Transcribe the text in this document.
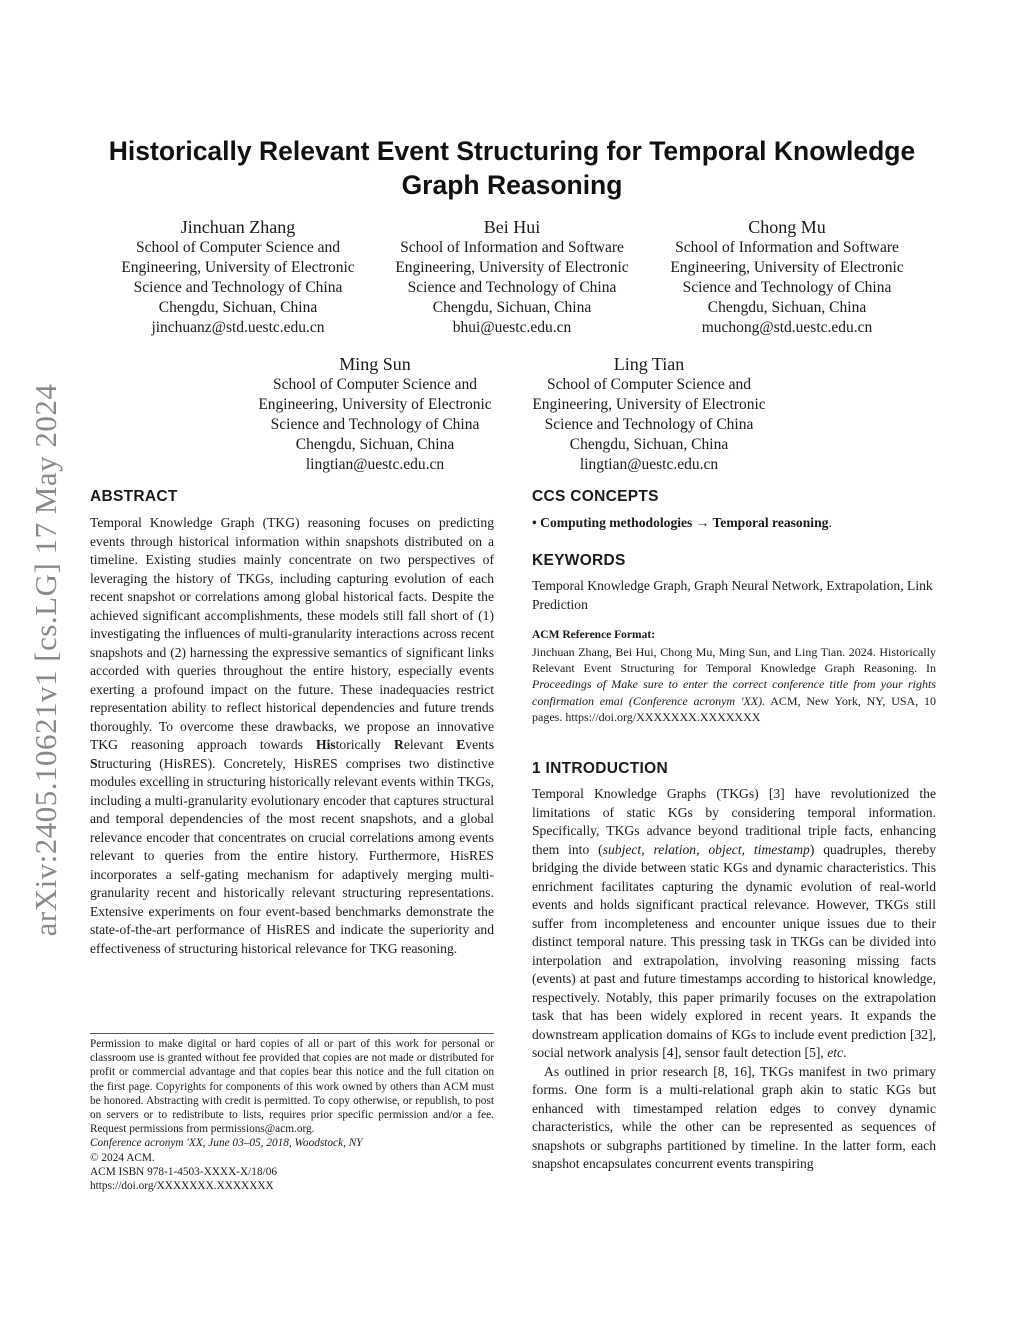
arXiv:2405.10621v1 [cs.LG] 17 May 2024
Historically Relevant Event Structuring for Temporal Knowledge Graph Reasoning
Jinchuan Zhang
School of Computer Science and
Engineering, University of Electronic
Science and Technology of China
Chengdu, Sichuan, China
jinchuanz@std.uestc.edu.cn
Bei Hui
School of Information and Software
Engineering, University of Electronic
Science and Technology of China
Chengdu, Sichuan, China
bhui@uestc.edu.cn
Chong Mu
School of Information and Software
Engineering, University of Electronic
Science and Technology of China
Chengdu, Sichuan, China
muchong@std.uestc.edu.cn
Ming Sun
School of Computer Science and
Engineering, University of Electronic
Science and Technology of China
Chengdu, Sichuan, China
lingtian@uestc.edu.cn
Ling Tian
School of Computer Science and
Engineering, University of Electronic
Science and Technology of China
Chengdu, Sichuan, China
lingtian@uestc.edu.cn
ABSTRACT

Temporal Knowledge Graph (TKG) reasoning focuses on predicting events through historical information within snapshots distributed on a timeline. Existing studies mainly concentrate on two perspectives of leveraging the history of TKGs, including capturing evolution of each recent snapshot or correlations among global historical facts. Despite the achieved significant accomplishments, these models still fall short of (1) investigating the influences of multi-granularity interactions across recent snapshots and (2) harnessing the expressive semantics of significant links accorded with queries throughout the entire history, especially events exerting a profound impact on the future. These inadequacies restrict representation ability to reflect historical dependencies and future trends thoroughly. To overcome these drawbacks, we propose an innovative TKG reasoning approach towards Historically Relevant Events Structuring (HisRES). Concretely, HisRES comprises two distinctive modules excelling in structuring historically relevant events within TKGs, including a multi-granularity evolutionary encoder that captures structural and temporal dependencies of the most recent snapshots, and a global relevance encoder that concentrates on crucial correlations among events relevant to queries from the entire history. Furthermore, HisRES incorporates a self-gating mechanism for adaptively merging multi-granularity recent and historically relevant structuring representations. Extensive experiments on four event-based benchmarks demonstrate the state-of-the-art performance of HisRES and indicate the superiority and effectiveness of structuring historical relevance for TKG reasoning.

Permission to make digital or hard copies of all or part of this work for personal or classroom use is granted without fee provided that copies are not made or distributed for profit or commercial advantage and that copies bear this notice and the full citation on the first page. Copyrights for components of this work owned by others than ACM must be honored. Abstracting with credit is permitted. To copy otherwise, or republish, to post on servers or to redistribute to lists, requires prior specific permission and/or a fee. Request permissions from permissions@acm.org.

Conference acronym 'XX, June 03–05, 2018, Woodstock, NY

© 2024 ACM.

ACM ISBN 978-1-4503-XXXX-X/18/06

https://doi.org/XXXXXXX.XXXXXXX

CCS CONCEPTS

• Computing methodologies → Temporal reasoning.

KEYWORDS

Temporal Knowledge Graph, Graph Neural Network, Extrapolation, Link Prediction

ACM Reference Format:

Jinchuan Zhang, Bei Hui, Chong Mu, Ming Sun, and Ling Tian. 2024. Historically Relevant Event Structuring for Temporal Knowledge Graph Reasoning. In Proceedings of Make sure to enter the correct conference title from your rights confirmation emai (Conference acronym 'XX). ACM, New York, NY, USA, 10 pages. https://doi.org/XXXXXXX.XXXXXXX

1 INTRODUCTION

Temporal Knowledge Graphs (TKGs) [3] have revolutionized the limitations of static KGs by considering temporal information. Specifically, TKGs advance beyond traditional triple facts, enhancing them into (subject, relation, object, timestamp) quadruples, thereby bridging the divide between static KGs and dynamic characteristics. This enrichment facilitates capturing the dynamic evolution of real-world events and holds significant practical relevance. However, TKGs still suffer from incompleteness and encounter unique issues due to their distinct temporal nature. This pressing task in TKGs can be divided into interpolation and extrapolation, involving reasoning missing facts (events) at past and future timestamps according to historical knowledge, respectively. Notably, this paper primarily focuses on the extrapolation task that has been widely explored in recent years. It expands the downstream application domains of KGs to include event prediction [32], social network analysis [4], sensor fault detection [5], etc.

As outlined in prior research [8, 16], TKGs manifest in two primary forms. One form is a multi-relational graph akin to static KGs but enhanced with timestamped relation edges to convey dynamic characteristics, while the other can be represented as sequences of snapshots or subgraphs partitioned by timeline. In the latter form, each snapshot encapsulates concurrent events transpiring
